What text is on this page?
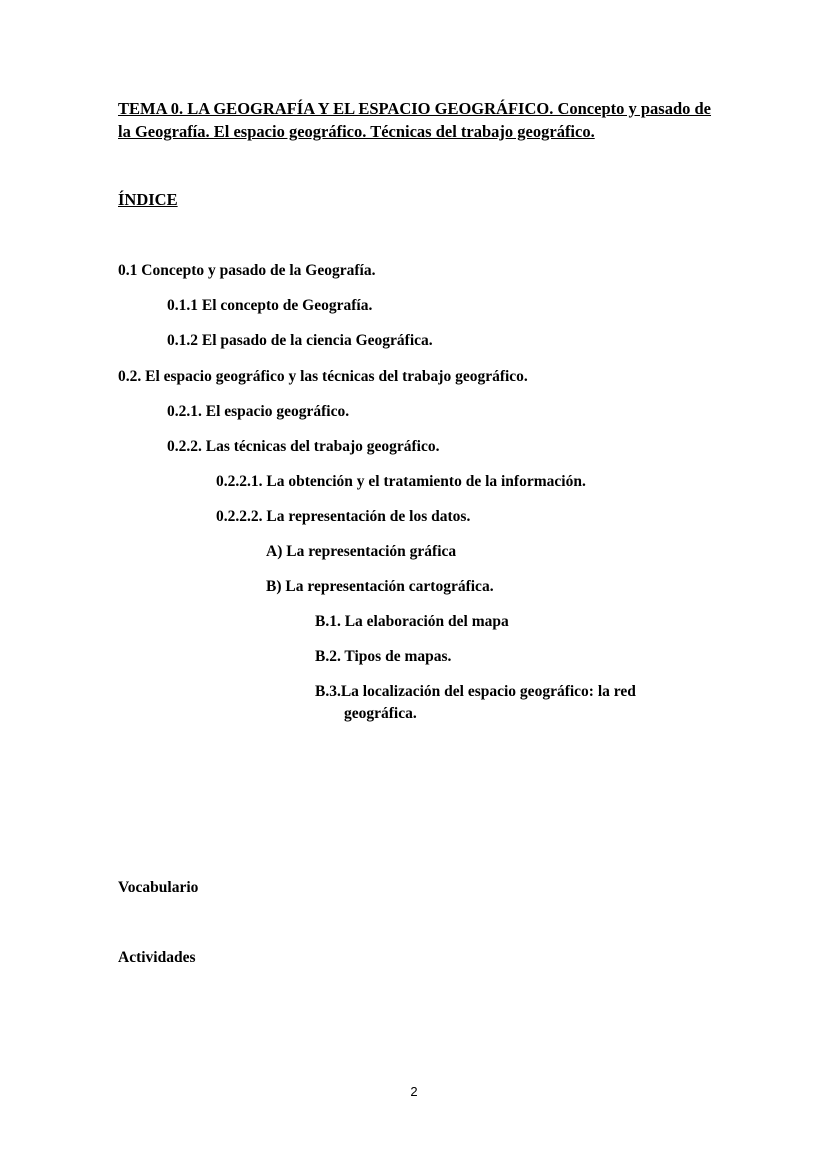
TEMA 0. LA GEOGRAFÍA Y EL ESPACIO GEOGRÁFICO. Concepto y pasado de la Geografía. El espacio geográfico. Técnicas del trabajo geográfico.

ÍNDICE

0.1 Concepto y pasado de la Geografía.

0.1.1 El concepto de Geografía.

0.1.2 El pasado de la ciencia Geográfica.

0.2. El espacio geográfico y las técnicas del trabajo geográfico.

0.2.1. El espacio geográfico.

0.2.2. Las técnicas del trabajo geográfico.

0.2.2.1. La obtención y el tratamiento de la información.

0.2.2.2. La representación de los datos.

A) La representación gráfica

B) La representación cartográfica.

B.1. La elaboración del mapa

B.2. Tipos de mapas.

B.3.La localización del espacio geográfico: la red
geográfica.

Vocabulario

Actividades

2
